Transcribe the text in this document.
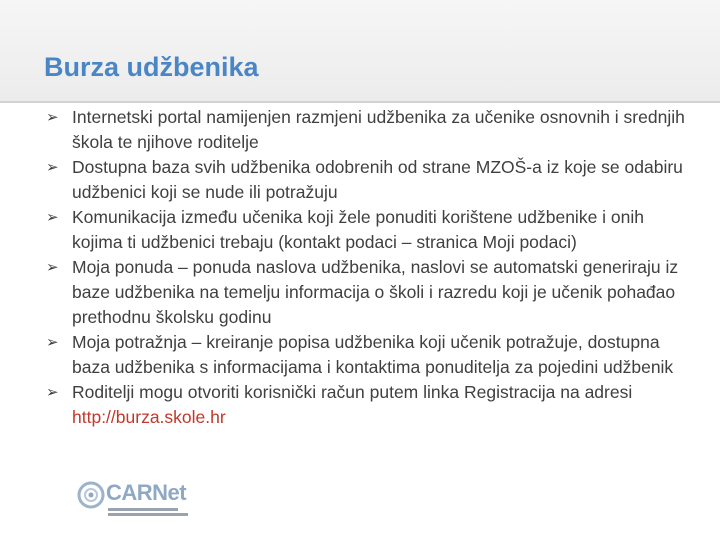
Burza udžbenika
➢ Internetski portal namijenjen razmjeni udžbenika za učenike osnovnih i srednjih škola te njihove roditelje
➢ Dostupna baza svih udžbenika odobrenih od strane MZOŠ-a iz koje se odabiru udžbenici koji se nude ili potražuju
➢ Komunikacija između učenika koji žele ponuditi korištene udžbenike i onih kojima ti udžbenici trebaju (kontakt podaci – stranica Moji podaci)
➢ Moja ponuda – ponuda naslova udžbenika, naslovi se automatski generiraju iz baze udžbenika na temelju informacija o školi i razredu koji je učenik pohađao prethodnu školsku godinu
➢ Moja potražnja – kreiranje popisa udžbenika koji učenik potražuje, dostupna baza udžbenika s informacijama i kontaktima ponuditelja za pojedini udžbenik
➢ Roditelji mogu otvoriti korisnički račun putem linka Registracija na adresi http://burza.skole.hr
CARNet
